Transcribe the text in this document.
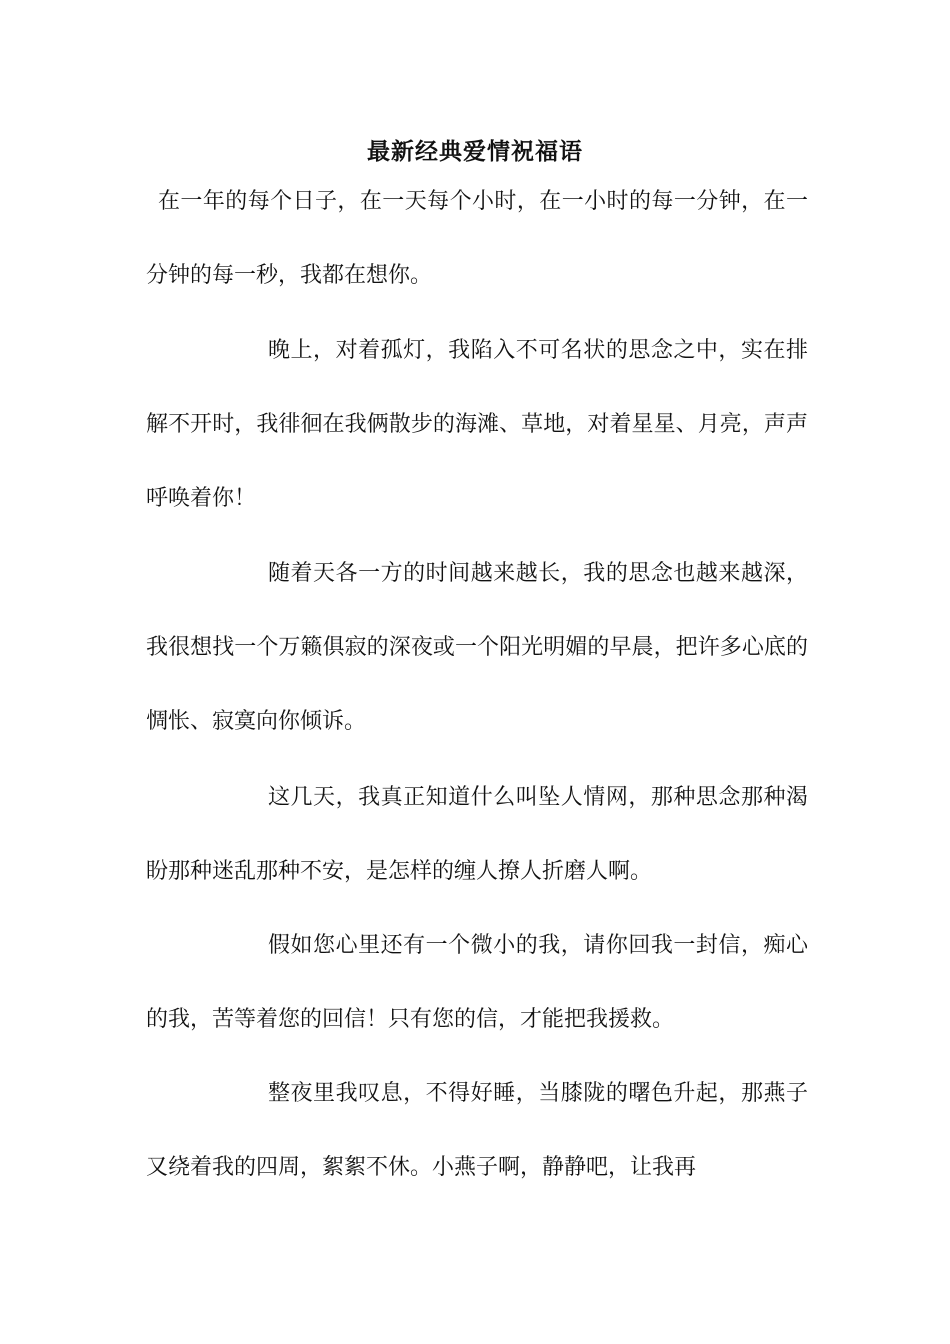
最新经典爱情祝福语

在一年的每个日子，在一天每个小时，在一小时的每一分钟，在一分钟的每一秒，我都在想你。

晚上，对着孤灯，我陷入不可名状的思念之中，实在排解不开时，我徘徊在我俩散步的海滩、草地，对着星星、月亮，声声呼唤着你！

随着天各一方的时间越来越长，我的思念也越来越深，我很想找一个万籁俱寂的深夜或一个阳光明媚的早晨，把许多心底的惆怅、寂寞向你倾诉。

这几天，我真正知道什么叫坠人情网，那种思念那种渴盼那种迷乱那种不安，是怎样的缠人撩人折磨人啊。

假如您心里还有一个微小的我，请你回我一封信，痴心的我，苦等着您的回信！只有您的信，才能把我援救。

整夜里我叹息，不得好睡，当膝陇的曙色升起，那燕子又绕着我的四周，絮絮不休。小燕子啊，静静吧，让我再
